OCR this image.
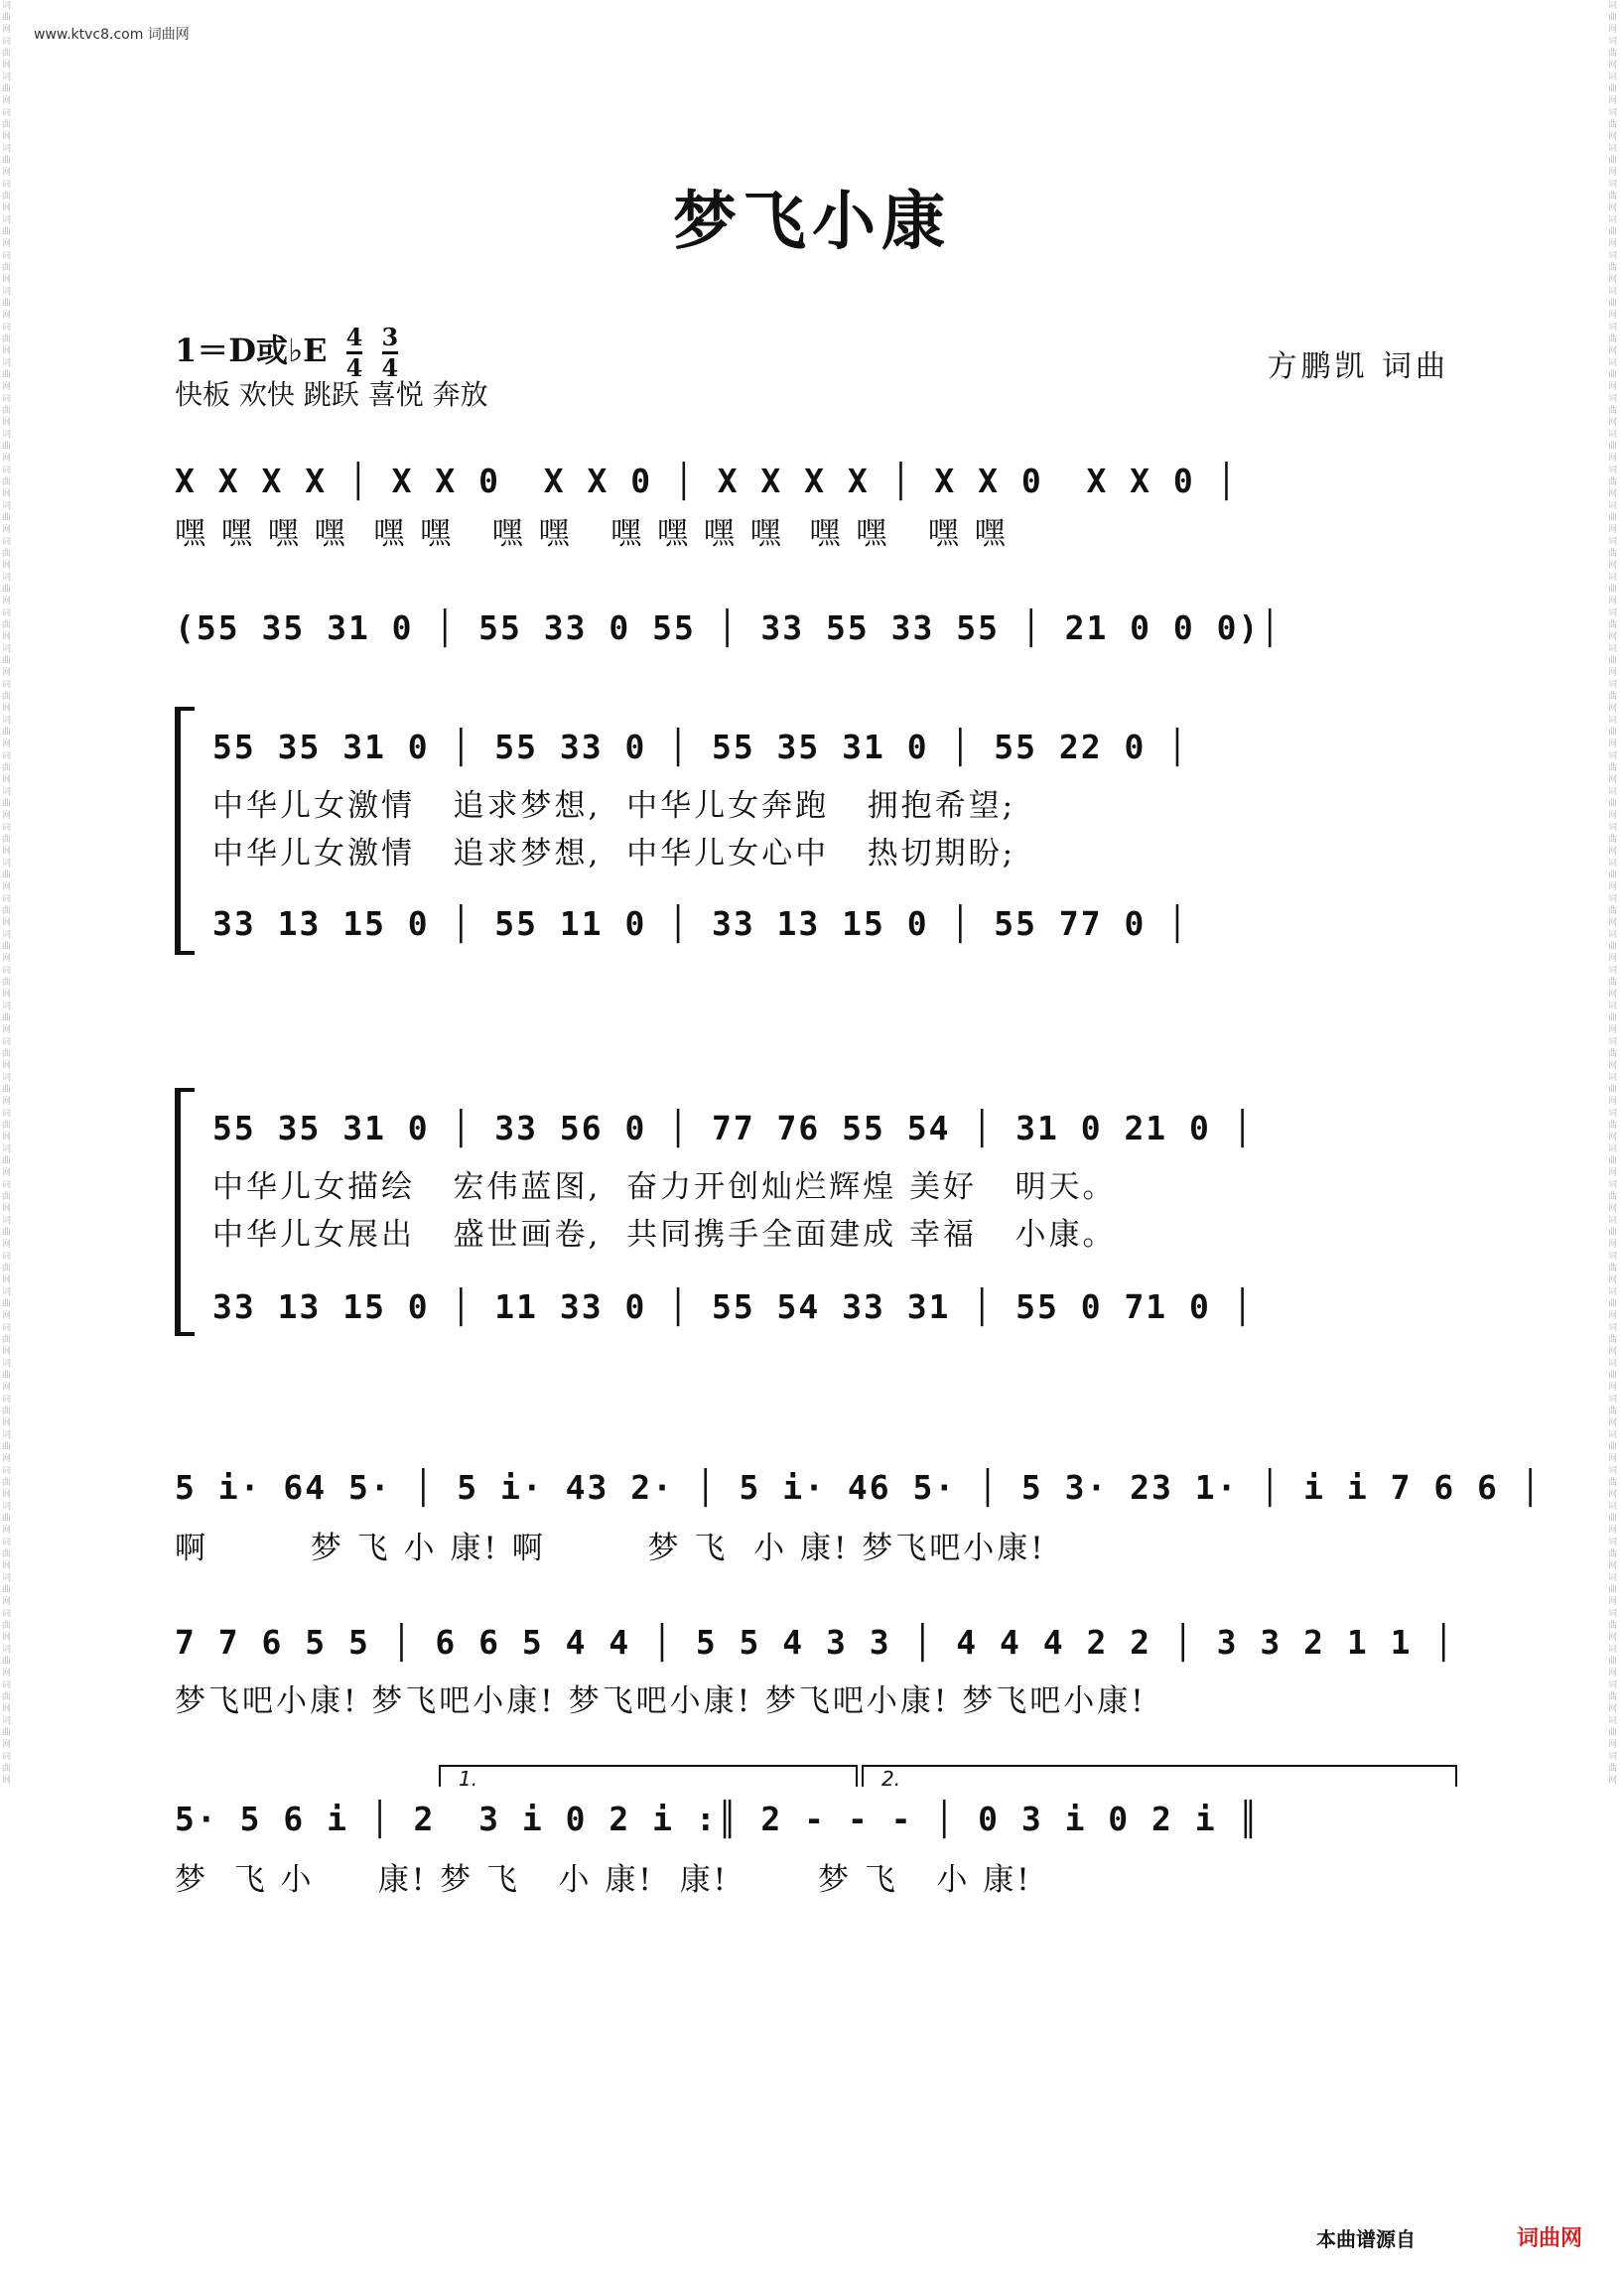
www.ktvc8.com 词曲网
词曲网词曲网词曲网词曲网词曲网词曲网词曲网词曲网词曲网词曲网词曲网词曲网词曲网词曲网词曲网词曲网词曲网词曲网词曲网词曲网词曲网词曲网词曲网词曲网词曲网词曲网词曲网词曲网词曲网词曲网词曲网词曲网词曲网词曲网词曲网词曲网词曲网词曲网词曲网词曲网词曲网词曲网词曲网词曲网词曲网词曲网词曲网词曲网词曲网词曲网
词曲网词曲网词曲网词曲网词曲网词曲网词曲网词曲网词曲网词曲网词曲网词曲网词曲网词曲网词曲网词曲网词曲网词曲网词曲网词曲网词曲网词曲网词曲网词曲网词曲网词曲网词曲网词曲网词曲网词曲网词曲网词曲网词曲网词曲网词曲网词曲网词曲网词曲网词曲网词曲网词曲网词曲网词曲网词曲网词曲网词曲网词曲网词曲网词曲网词曲网
梦飞小康
1＝D或♭E $\frac{4}{4}$
$\frac{3}{4}$
快板 欢快 跳跃 喜悦 奔放
方鹏凯 词曲
X X X X │ X X 0  X X 0 │ X X X X │ X X 0  X X 0 │
嘿 嘿 嘿 嘿  嘿 嘿   嘿 嘿   嘿 嘿 嘿 嘿  嘿 嘿   嘿 嘿
(55 35 31 0 │ 55 33 0 55 │ 33 55 33 55 │ 21 0 0 0)│
55 35 31 0 │ 55 33 0 │ 55 35 31 0 │ 55 22 0 │
中华儿女激情   追求梦想,  中华儿女奔跑   拥抱希望;
中华儿女激情   追求梦想,  中华儿女心中   热切期盼;
33 13 15 0 │ 55 11 0 │ 33 13 15 0 │ 55 77 0 │
55 35 31 0 │ 33 56 0 │ 77 76 55 54 │ 31 0 21 0 │
中华儿女描绘   宏伟蓝图,  奋力开创灿烂辉煌 美好   明天。
中华儿女展出   盛世画卷,  共同携手全面建成 幸福   小康。
33 13 15 0 │ 11 33 0 │ 55 54 33 31 │ 55 0 71 0 │
5 i· 64 5· │ 5 i· 43 2· │ 5 i· 46 5· │ 5 3· 23 1· │ i i 7 6 6 │
啊        梦 飞 小 康! 啊        梦 飞  小 康! 梦飞吧小康!
7 7 6 5 5 │ 6 6 5 4 4 │ 5 5 4 3 3 │ 4 4 4 2 2 │ 3 3 2 1 1 │
梦飞吧小康! 梦飞吧小康! 梦飞吧小康! 梦飞吧小康! 梦飞吧小康!
1.	2.
5· 5 6 i │ 2  3 i 0 2 i :║ 2 - - - │ 0 3 i 0 2 i ║
梦  飞 小     康! 梦 飞   小 康!  康!       梦 飞   小 康!
本曲谱源自	词曲网
